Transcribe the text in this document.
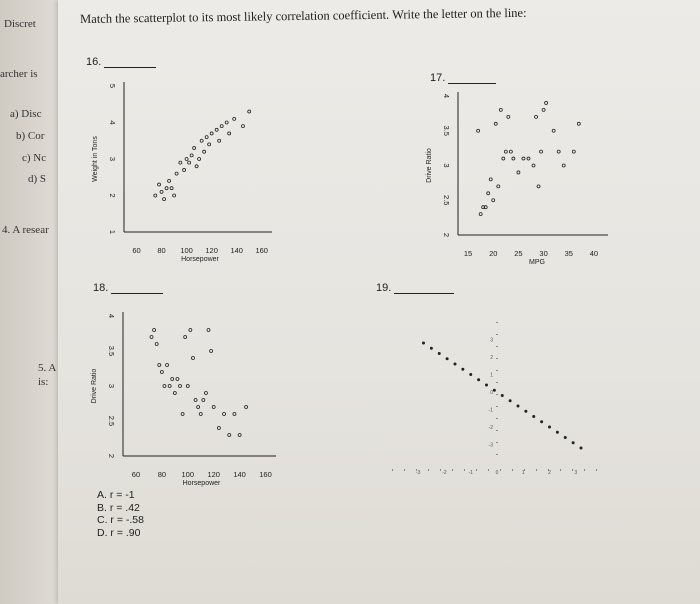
Discret
archer is
a) Disc
b) Cor
c) Nc
d) S
4. A resear
5. A
is:
Match the scatterplot to its most likely correlation coefficient. Write the letter on the line:
16.
17.
18.	19.
60 80 100 120 140 160
1
2
3
4
5
Horsepower
Weight in Tons
15 20 25 30 35 40
2
2.5
3
3.5
4
MPG
Drive Ratio
60 80 100 120 140 160
2
2.5
3
3.5
4
Horsepower
Drive Ratio
-3	-2	-1	0	1	2	3
-3
-2
-1
0
1
2
3
A. r = -1
B. r = .42
C. r = -.58
D. r = .90
